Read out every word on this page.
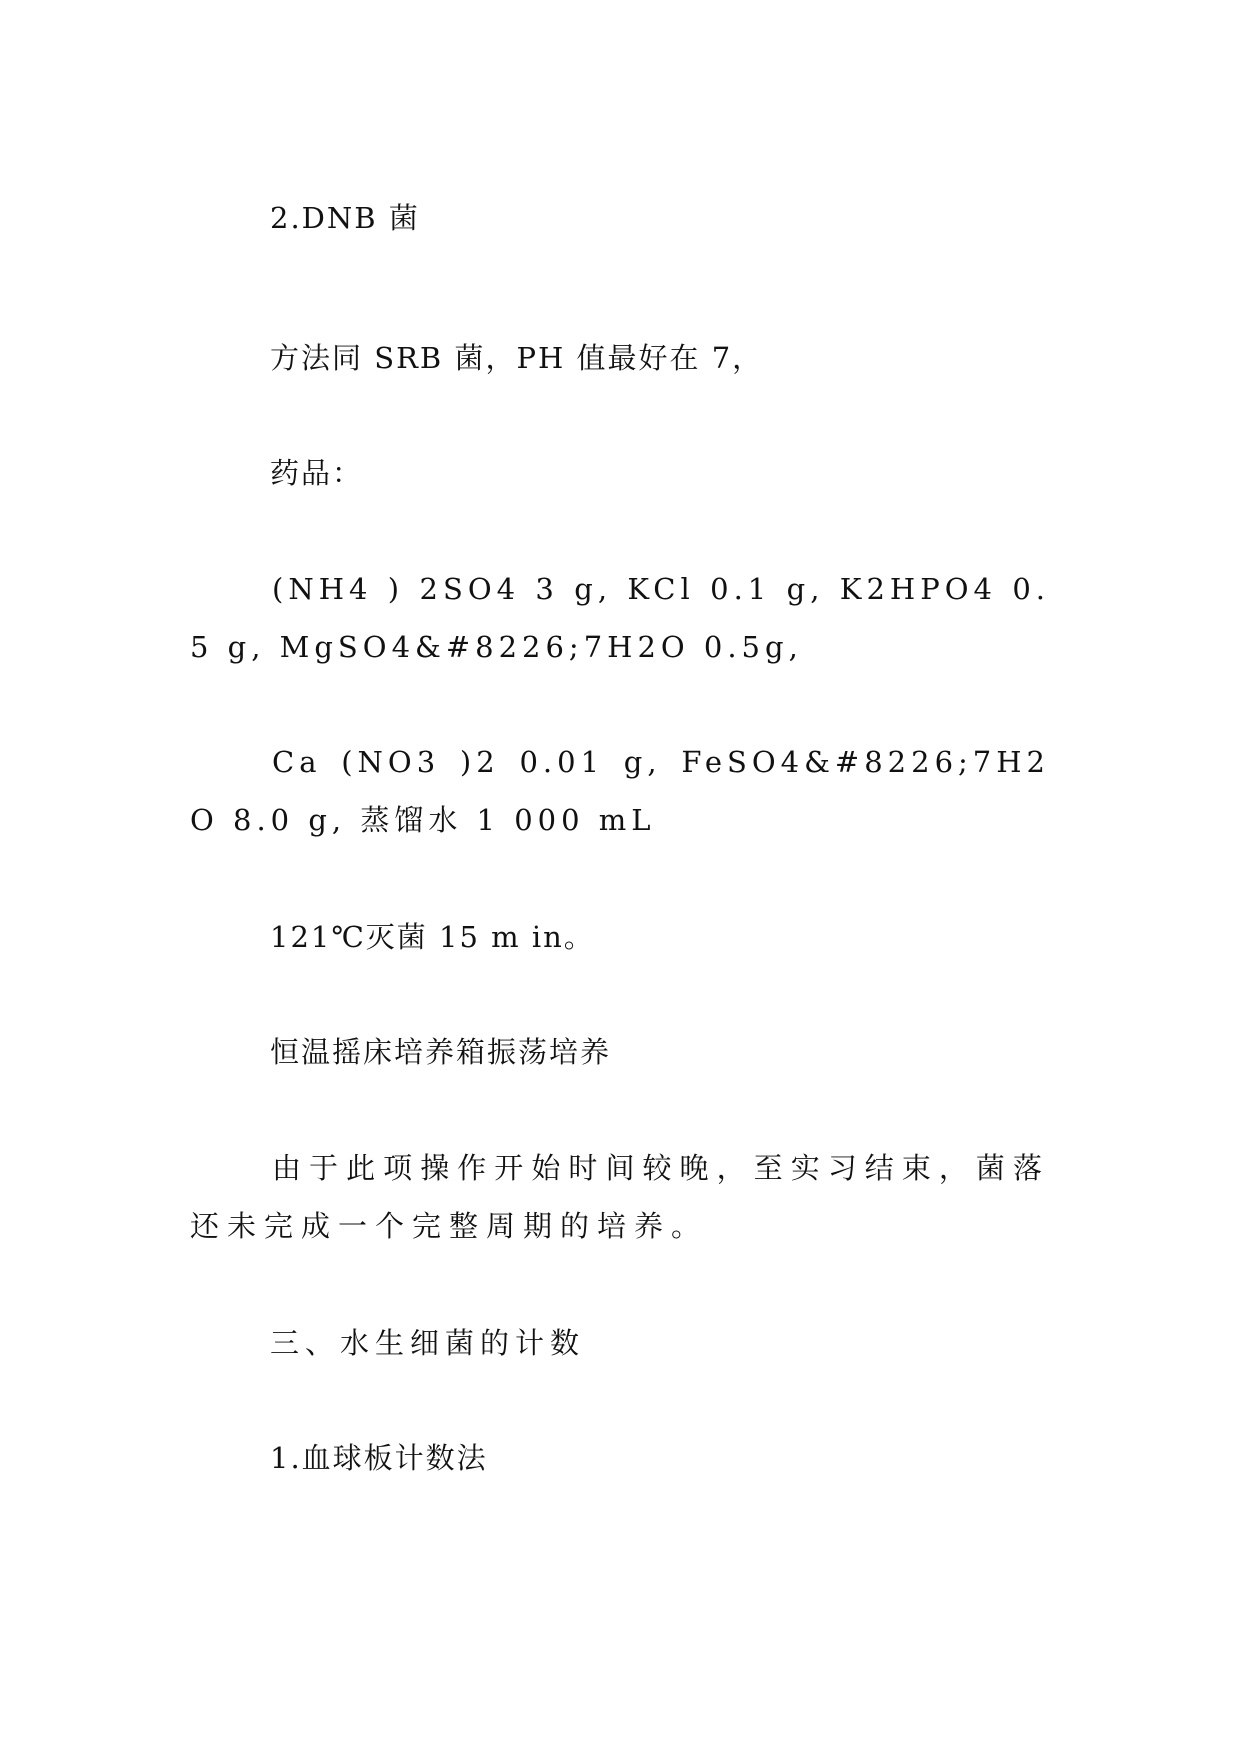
2.DNB 菌

方法同 SRB 菌，PH 值最好在 7，

药品：

(NH4 ) 2SO4 3 g, KCl 0.1 g, K2HPO4 0.5 g, MgSO4&#8226;7H2O 0.5g,

Ca (NO3 )2 0.01 g, FeSO4&#8226;7H2O 8.0 g, 蒸馏水 1 000 mL

121℃灭菌 15 m in。

恒温摇床培养箱振荡培养

由于此项操作开始时间较晚，至实习结束，菌落还未完成一个完整周期的培养。

三、水生细菌的计数

1.血球板计数法
